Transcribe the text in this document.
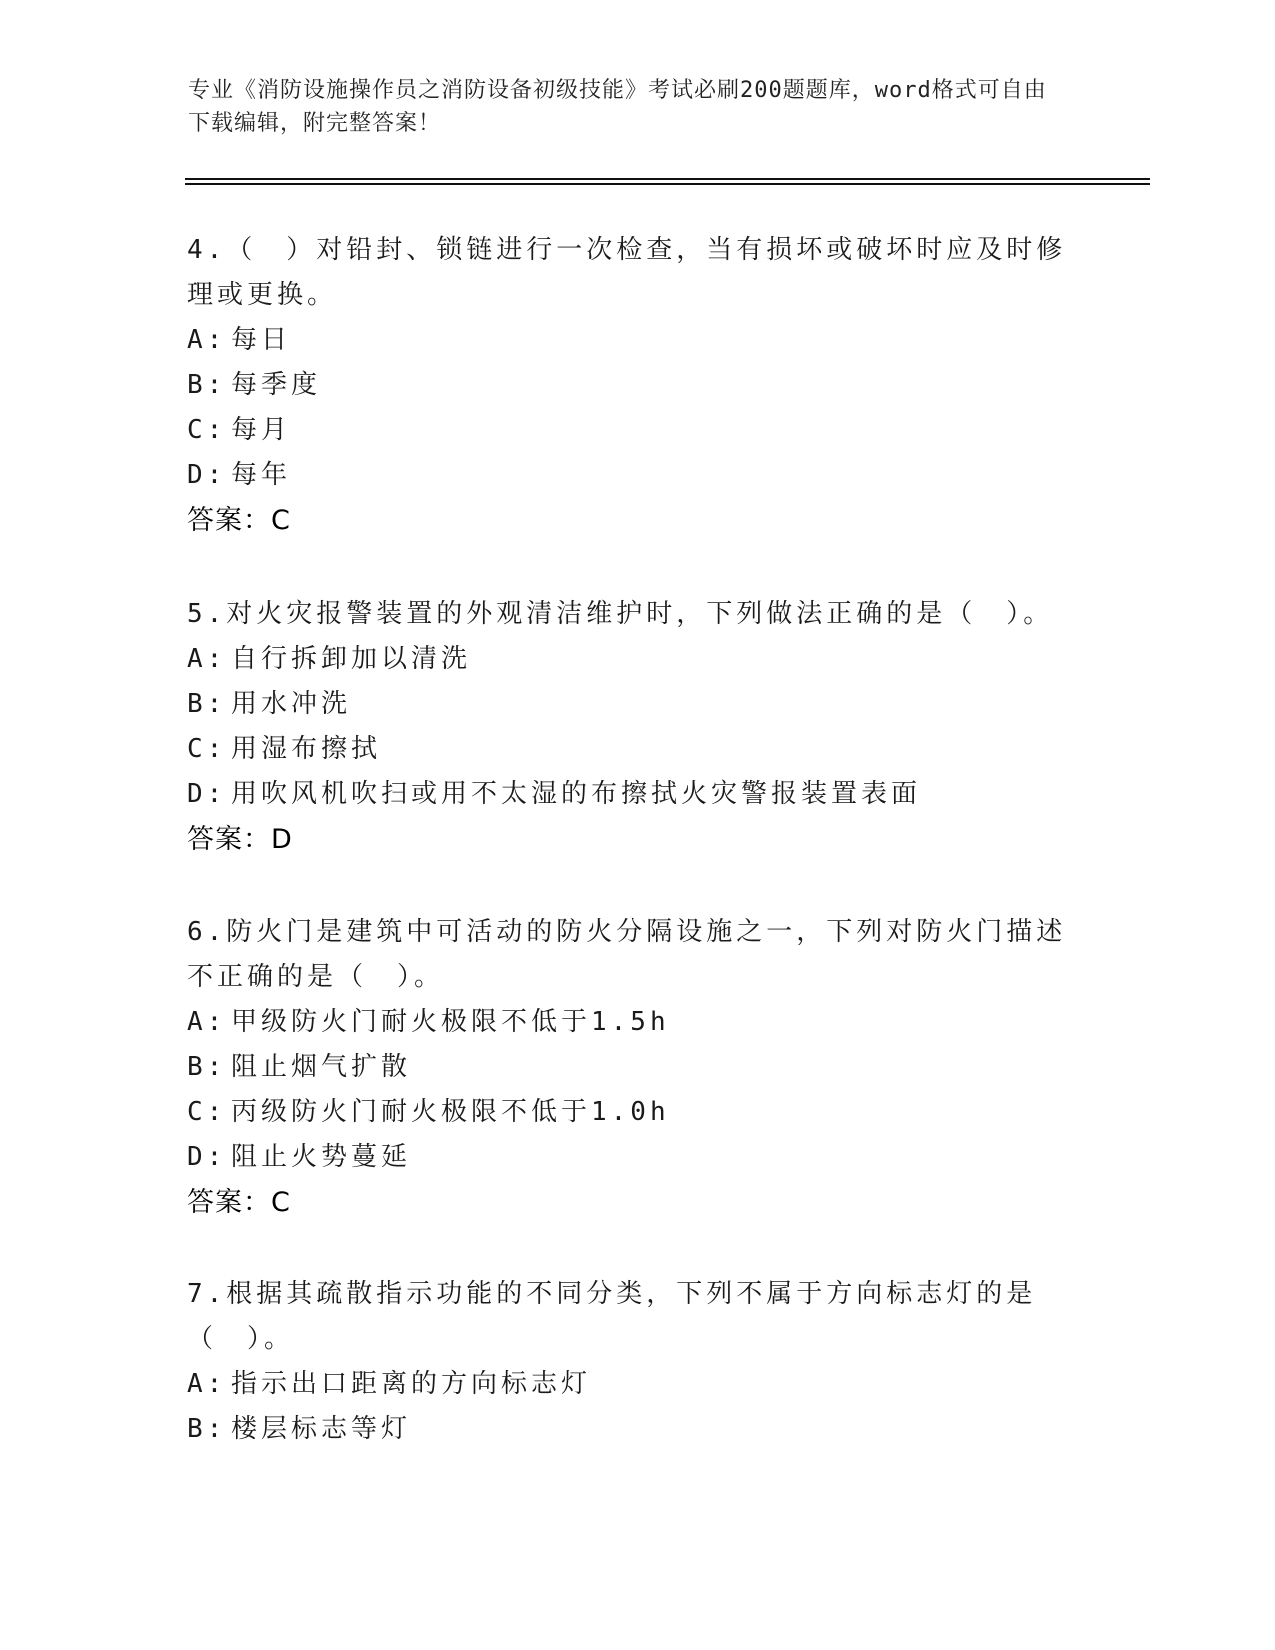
专业《消防设施操作员之消防设备初级技能》考试必刷200题题库，word格式可自由下载编辑，附完整答案！

4.（　）对铅封、锁链进行一次检查，当有损坏或破坏时应及时修理或更换。

A: 每日

B: 每季度

C: 每月

D: 每年

答案：C

5.对火灾报警装置的外观清洁维护时，下列做法正确的是（　）。

A: 自行拆卸加以清洗

B: 用水冲洗

C: 用湿布擦拭

D: 用吹风机吹扫或用不太湿的布擦拭火灾警报装置表面

答案：D

6.防火门是建筑中可活动的防火分隔设施之一，下列对防火门描述不正确的是（　）。

A: 甲级防火门耐火极限不低于1.5h

B: 阻止烟气扩散

C: 丙级防火门耐火极限不低于1.0h

D: 阻止火势蔓延

答案：C

7.根据其疏散指示功能的不同分类，下列不属于方向标志灯的是（　）。

A: 指示出口距离的方向标志灯

B: 楼层标志等灯
